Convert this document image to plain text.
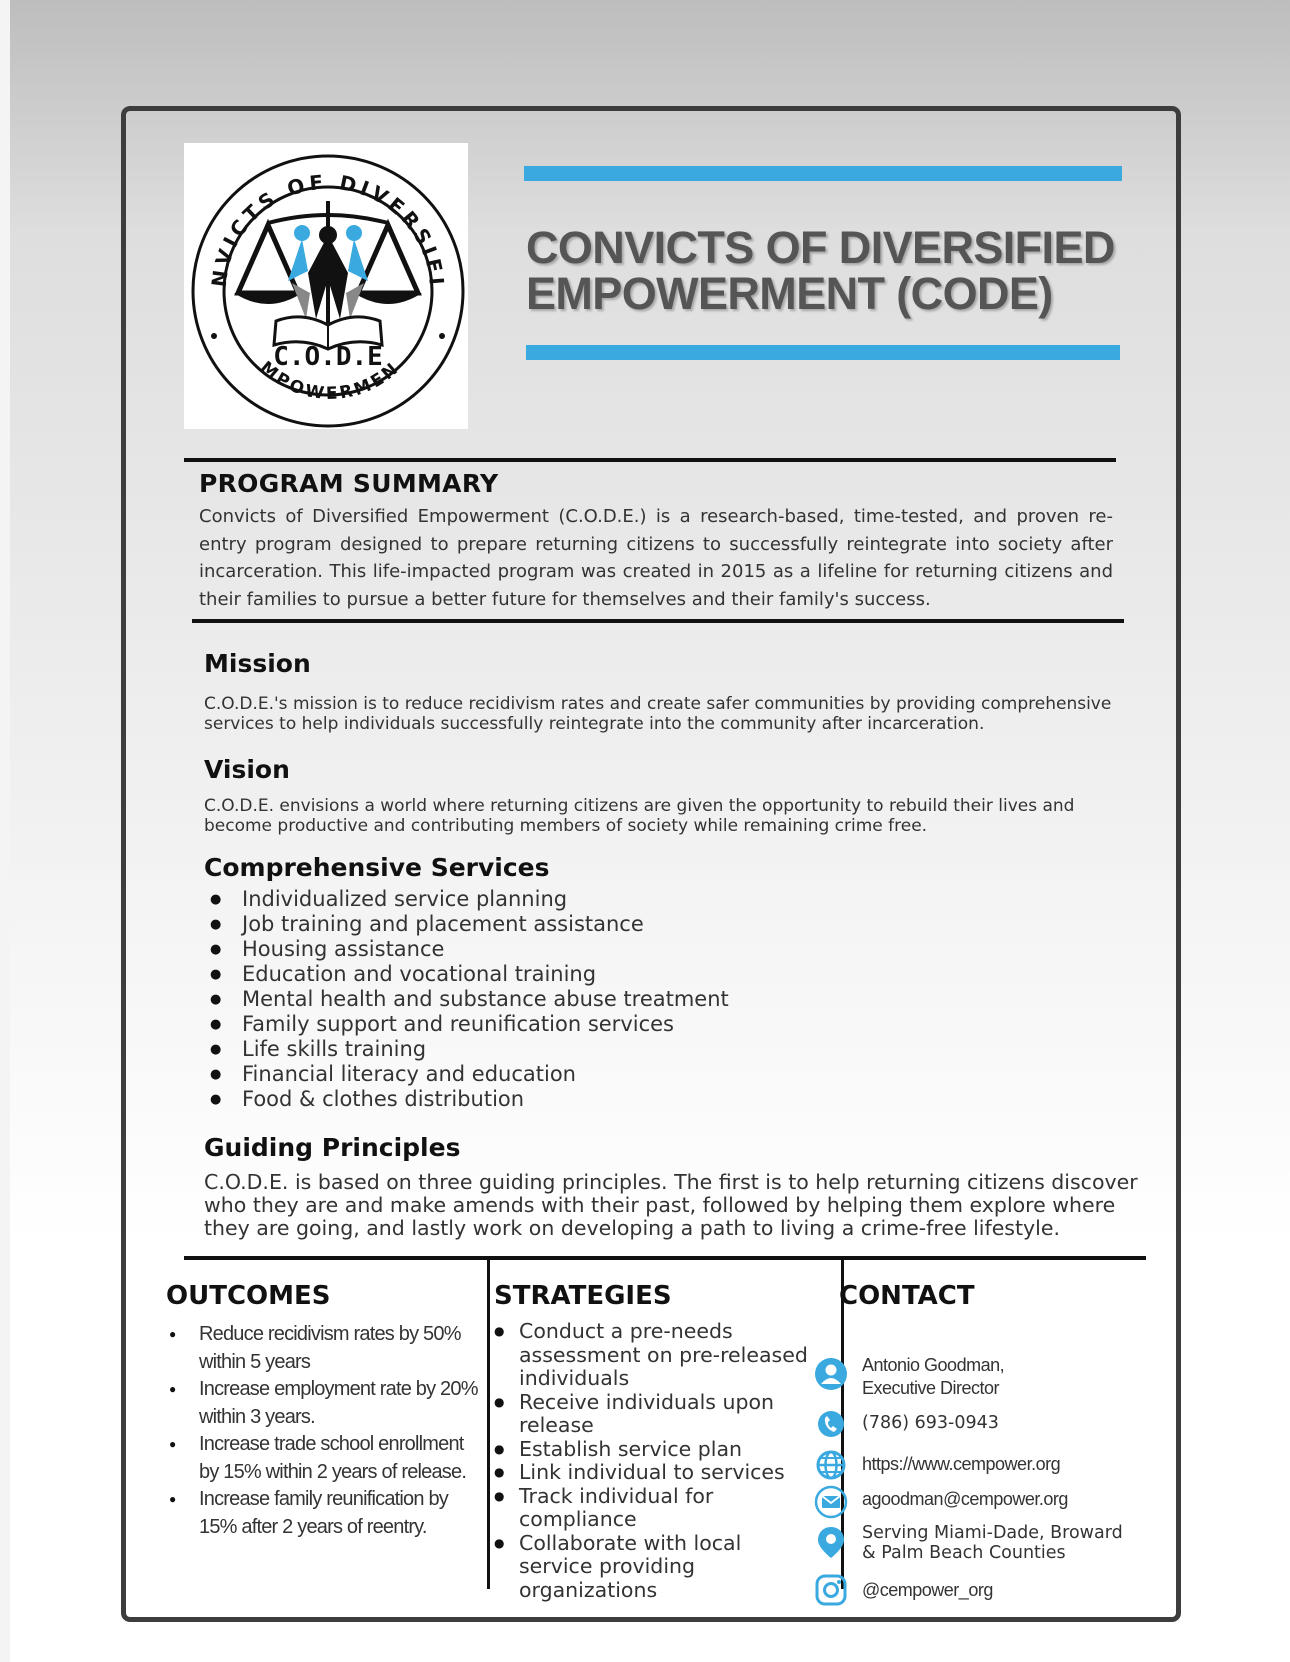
NVICTS OF DIVERSIFI
MPOWERMEN
C.O.D.E
CONVICTS OF DIVERSIFIED
EMPOWERMENT (CODE)
PROGRAM SUMMARY

Convicts of Diversified Empowerment (C.O.D.E.) is a research-based, time-tested, and proven re-entry program designed to prepare returning citizens to successfully reintegrate into society after incarceration. This life-impacted program was created in 2015 as a lifeline for returning citizens and their families to pursue a better future for themselves and their family's success.

Mission

C.O.D.E.'s mission is to reduce recidivism rates and create safer communities by providing comprehensive services to help individuals successfully reintegrate into the community after incarceration.

Vision

C.O.D.E. envisions a world where returning citizens are given the opportunity to rebuild their lives and become productive and contributing members of society while remaining crime free.

Comprehensive Services
● Individualized service planning
● Job training and placement assistance
● Housing assistance
● Education and vocational training
● Mental health and substance abuse treatment
● Family support and reunification services
● Life skills training
● Financial literacy and education
● Food & clothes distribution
Guiding Principles

C.O.D.E. is based on three guiding principles. The first is to help returning citizens discover who they are and make amends with their past, followed by helping them explore where they are going, and lastly work on developing a path to living a crime-free lifestyle.

OUTCOMES
● Reduce recidivism rates by 50% within 5 years
● Increase employment rate by 20% within 3 years.
● Increase trade school enrollment by 15% within 2 years of release.
● Increase family reunification by 15% after 2 years of reentry.
STRATEGIES
● Conduct a pre-needs assessment on pre-released individuals
● Receive individuals upon release
● Establish service plan
● Link individual to services
● Track individual for compliance
● Collaborate with local service providing organizations
CONTACT
Antonio Goodman,
Executive Director
(786) 693-0943
https://www.cempower.org
agoodman@cempower.org
Serving Miami-Dade, Broward
& Palm Beach Counties
@cempower_org
